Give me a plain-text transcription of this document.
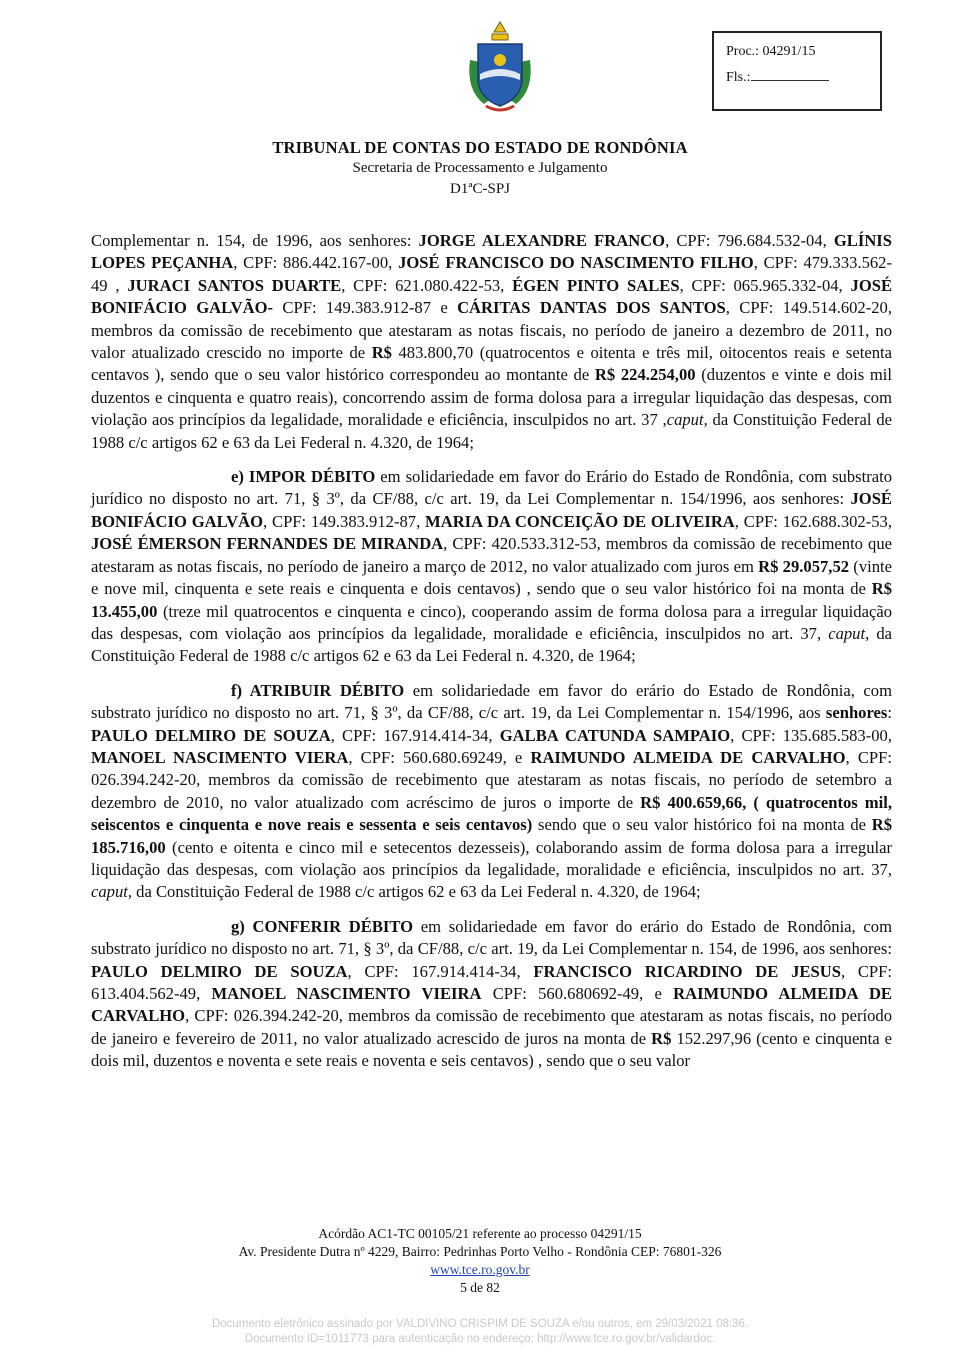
Proc.: 04291/15
Fls.:
TRIBUNAL DE CONTAS DO ESTADO DE RONDÔNIA
Secretaria de Processamento e Julgamento
D1ªC-SPJ

Complementar n. 154, de 1996, aos senhores: JORGE ALEXANDRE FRANCO, CPF: 796.684.532-04, GLÍNIS LOPES PEÇANHA, CPF: 886.442.167-00, JOSÉ FRANCISCO DO NASCIMENTO FILHO, CPF: 479.333.562-49 , JURACI SANTOS DUARTE, CPF: 621.080.422-53, ÉGEN PINTO SALES, CPF: 065.965.332-04, JOSÉ BONIFÁCIO GALVÃO- CPF: 149.383.912-87 e CÁRITAS DANTAS DOS SANTOS, CPF: 149.514.602-20, membros da comissão de recebimento que atestaram as notas fiscais, no período de janeiro a dezembro de 2011, no valor atualizado crescido no importe de R$ 483.800,70 (quatrocentos e oitenta e três mil, oitocentos reais e setenta centavos ), sendo que o seu valor histórico correspondeu ao montante de R$ 224.254,00 (duzentos e vinte e dois mil duzentos e cinquenta e quatro reais), concorrendo assim de forma dolosa para a irregular liquidação das despesas, com violação aos princípios da legalidade, moralidade e eficiência, insculpidos no art. 37 ,caput, da Constituição Federal de 1988 c/c artigos 62 e 63 da Lei Federal n. 4.320, de 1964;

e) IMPOR DÉBITO em solidariedade em favor do Erário do Estado de Rondônia, com substrato jurídico no disposto no art. 71, § 3º, da CF/88, c/c art. 19, da Lei Complementar n. 154/1996, aos senhores: JOSÉ BONIFÁCIO GALVÃO, CPF: 149.383.912-87, MARIA DA CONCEIÇÃO DE OLIVEIRA, CPF: 162.688.302-53, JOSÉ ÉMERSON FERNANDES DE MIRANDA, CPF: 420.533.312-53, membros da comissão de recebimento que atestaram as notas fiscais, no período de janeiro a março de 2012, no valor atualizado com juros em R$ 29.057,52 (vinte e nove mil, cinquenta e sete reais e cinquenta e dois centavos) , sendo que o seu valor histórico foi na monta de R$ 13.455,00 (treze mil quatrocentos e cinquenta e cinco), cooperando assim de forma dolosa para a irregular liquidação das despesas, com violação aos princípios da legalidade, moralidade e eficiência, insculpidos no art. 37, caput, da Constituição Federal de 1988 c/c artigos 62 e 63 da Lei Federal n. 4.320, de 1964;

f) ATRIBUIR DÉBITO em solidariedade em favor do erário do Estado de Rondônia, com substrato jurídico no disposto no art. 71, § 3º, da CF/88, c/c art. 19, da Lei Complementar n. 154/1996, aos senhores: PAULO DELMIRO DE SOUZA, CPF: 167.914.414-34, GALBA CATUNDA SAMPAIO, CPF: 135.685.583-00, MANOEL NASCIMENTO VIERA, CPF: 560.680.69249, e RAIMUNDO ALMEIDA DE CARVALHO, CPF: 026.394.242-20, membros da comissão de recebimento que atestaram as notas fiscais, no período de setembro a dezembro de 2010, no valor atualizado com acréscimo de juros o importe de R$ 400.659,66, ( quatrocentos mil, seiscentos e cinquenta e nove reais e sessenta e seis centavos) sendo que o seu valor histórico foi na monta de R$ 185.716,00 (cento e oitenta e cinco mil e setecentos dezesseis), colaborando assim de forma dolosa para a irregular liquidação das despesas, com violação aos princípios da legalidade, moralidade e eficiência, insculpidos no art. 37, caput, da Constituição Federal de 1988 c/c artigos 62 e 63 da Lei Federal n. 4.320, de 1964;

g) CONFERIR DÉBITO em solidariedade em favor do erário do Estado de Rondônia, com substrato jurídico no disposto no art. 71, § 3º, da CF/88, c/c art. 19, da Lei Complementar n. 154, de 1996, aos senhores: PAULO DELMIRO DE SOUZA, CPF: 167.914.414-34, FRANCISCO RICARDINO DE JESUS, CPF: 613.404.562-49, MANOEL NASCIMENTO VIEIRA CPF: 560.680692-49, e RAIMUNDO ALMEIDA DE CARVALHO, CPF: 026.394.242-20, membros da comissão de recebimento que atestaram as notas fiscais, no período de janeiro e fevereiro de 2011, no valor atualizado acrescido de juros na monta de R$ 152.297,96 (cento e cinquenta e dois mil, duzentos e noventa e sete reais e noventa e seis centavos) , sendo que o seu valor

Acórdão AC1-TC 00105/21 referente ao processo 04291/15
Av. Presidente Dutra nº 4229, Bairro: Pedrinhas Porto Velho - Rondônia CEP: 76801-326
www.tce.ro.gov.br
5 de 82
Documento eletrônico assinado por VALDIVINO CRISPIM DE SOUZA e/ou outros, em 29/03/2021 08:36.
Documento ID=1011773 para autenticação no endereço: http://www.tce.ro.gov.br/validardoc.
